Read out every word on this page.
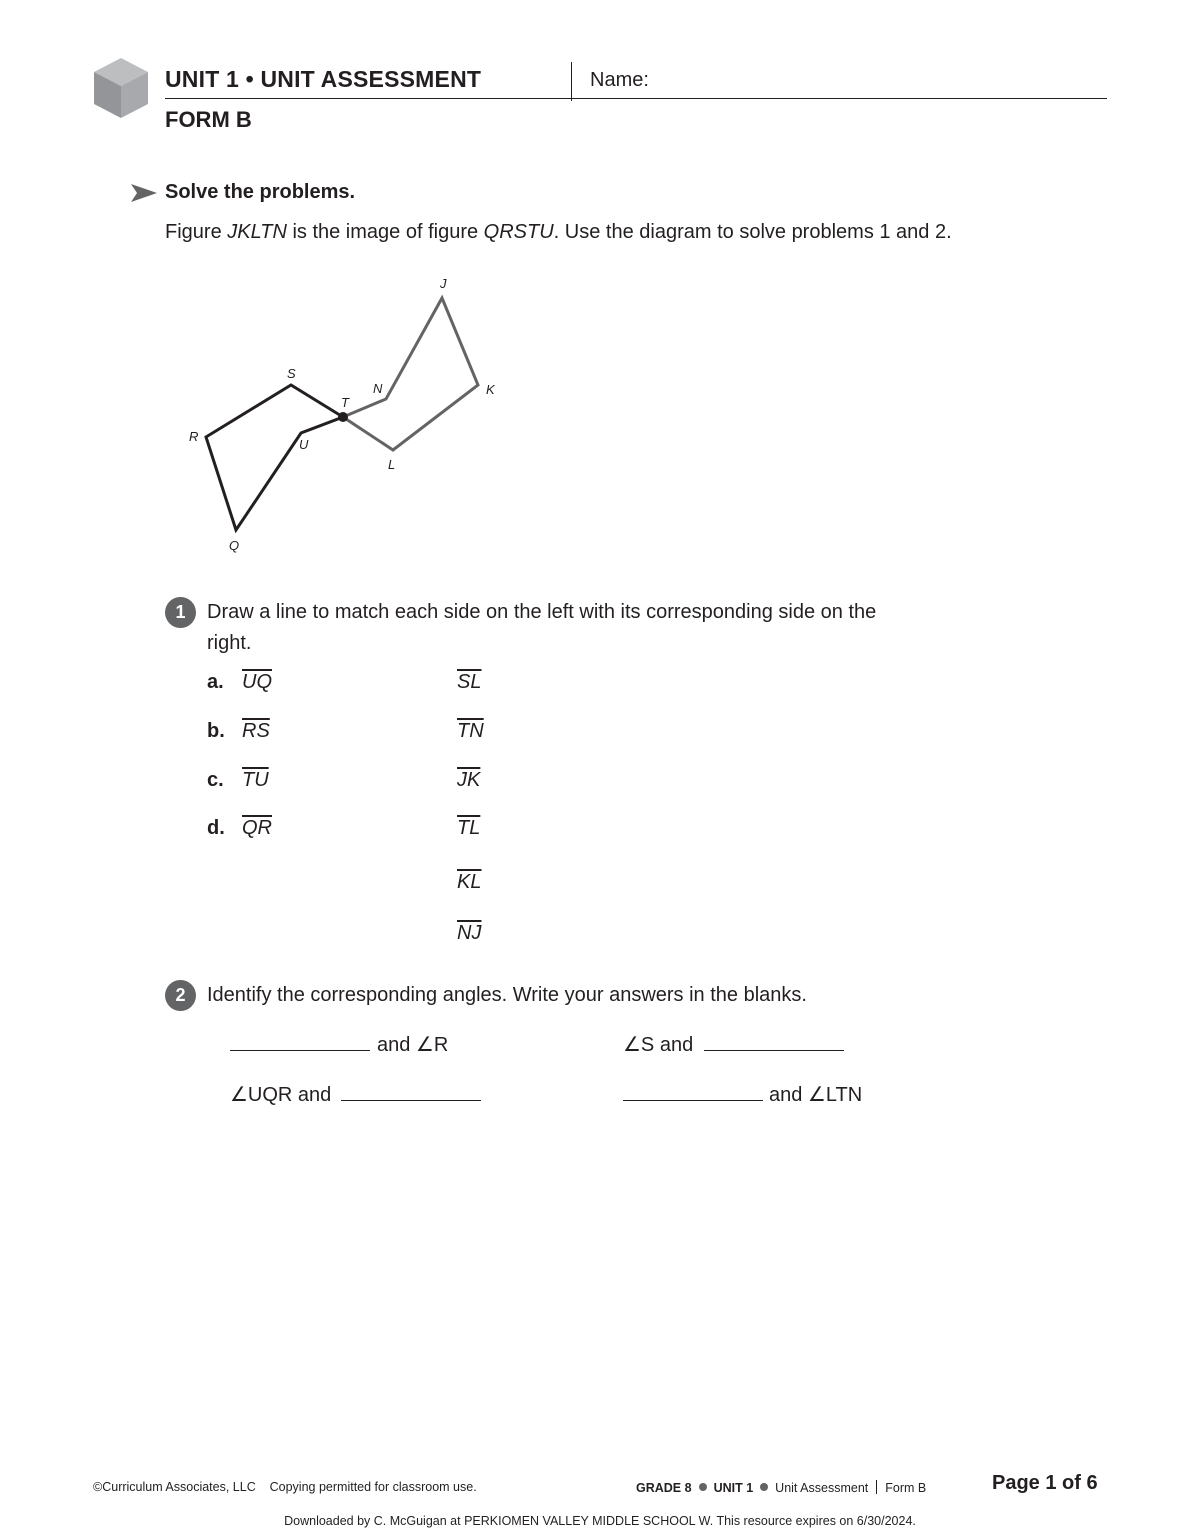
UNIT 1 • UNIT ASSESSMENT	Name:
FORM B
Solve the problems.
Figure JKLTN is the image of figure QRSTU. Use the diagram to solve problems 1 and 2.
J
K
L
T
N
S
R
U
Q
1	Draw a line to match each side on the left with its corresponding side on the right.
a. $\overline{UQ}$
b. $\overline{RS}$
c. $\overline{TU}$
d. $\overline{QR}$
$\overline{SL}$
$\overline{TN}$
$\overline{JK}$
$\overline{TL}$
$\overline{KL}$
$\overline{NJ}$
2	Identify the corresponding angles. Write your answers in the blanks.
and ∠R	∠S and
∠UQR and	and ∠LTN
©Curriculum Associates, LLC    Copying permitted for classroom use.	GRADE 8 UNIT 1 Unit Assessment Form B	Page 1 of 6
Downloaded by C. McGuigan at PERKIOMEN VALLEY MIDDLE SCHOOL W. This resource expires on 6/30/2024.
